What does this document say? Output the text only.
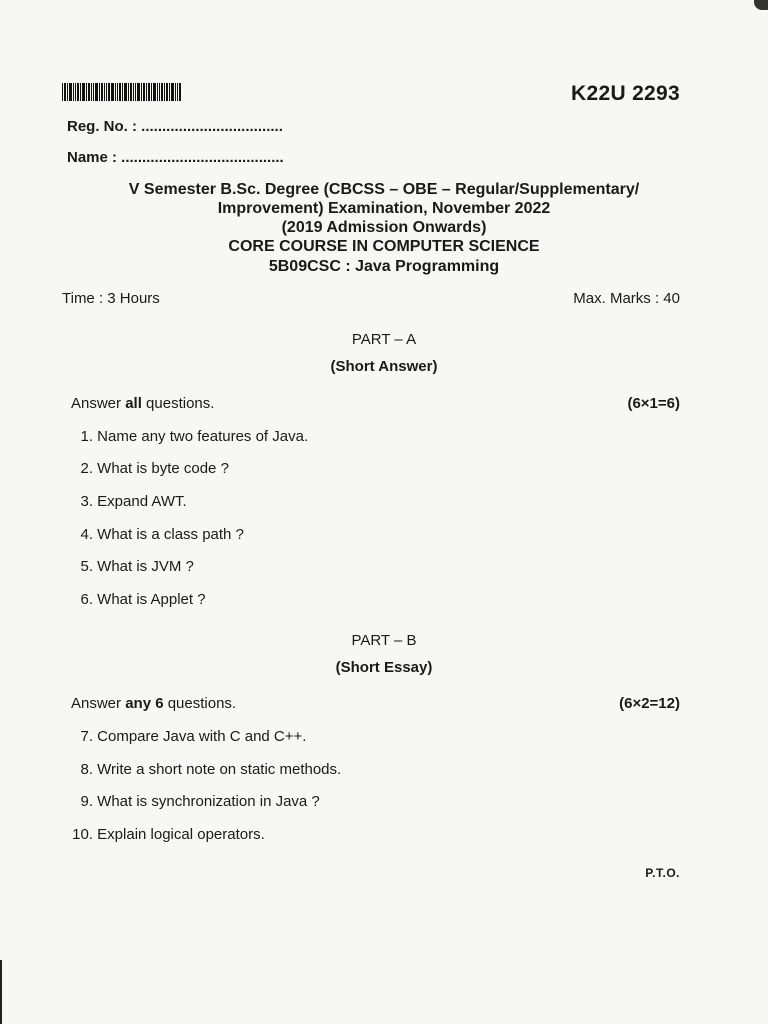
K22U 2293
Reg. No. : ..................................
Name : .......................................
V Semester B.Sc. Degree (CBCSS – OBE – Regular/Supplementary/
Improvement) Examination, November 2022
(2019 Admission Onwards)
CORE COURSE IN COMPUTER SCIENCE
5B09CSC : Java Programming
Time : 3 Hours	Max. Marks : 40
PART – A
(Short Answer)
Answer all questions.	(6×1=6)
1. Name any two features of Java.
2. What is byte code ?
3. Expand AWT.
4. What is a class path ?
5. What is JVM ?
6. What is Applet ?
PART – B
(Short Essay)
Answer any 6 questions.	(6×2=12)
7. Compare Java with C and C++.
8. Write a short note on static methods.
9. What is synchronization in Java ?
10. Explain logical operators.
P.T.O.
